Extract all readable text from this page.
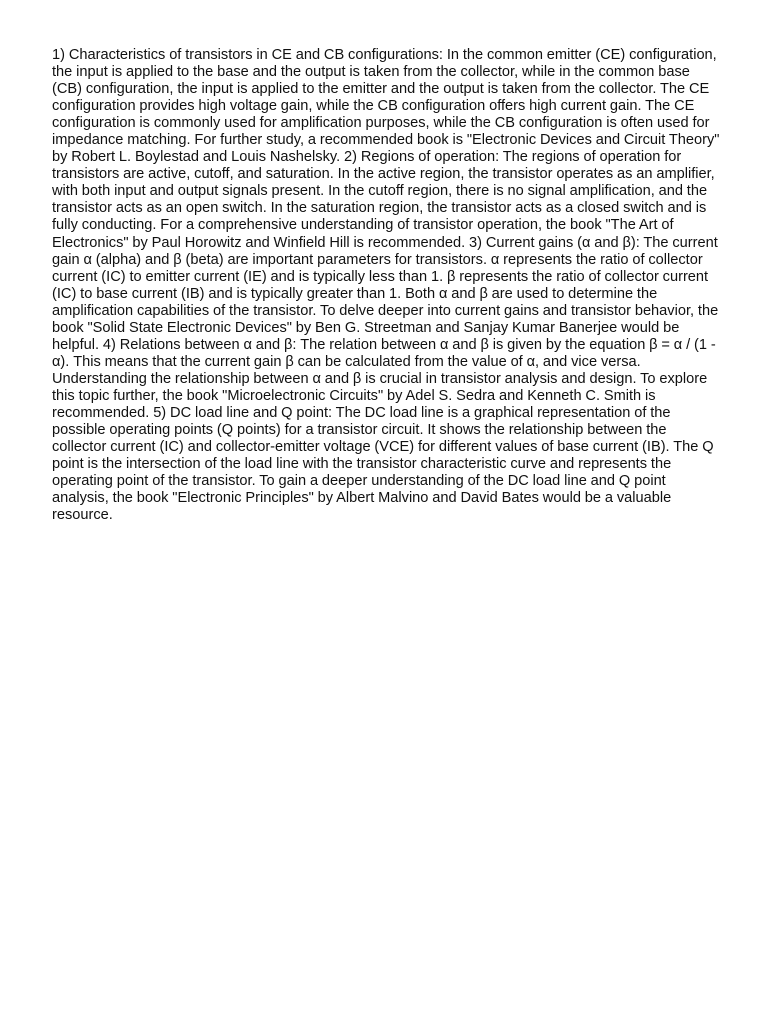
1) Characteristics of transistors in CE and CB configurations: In the common emitter (CE) configuration, the input is applied to the base and the output is taken from the collector, while in the common base (CB) configuration, the input is applied to the emitter and the output is taken from the collector. The CE configuration provides high voltage gain, while the CB configuration offers high current gain. The CE configuration is commonly used for amplification purposes, while the CB configuration is often used for impedance matching. For further study, a recommended book is "Electronic Devices and Circuit Theory" by Robert L. Boylestad and Louis Nashelsky. 2) Regions of operation: The regions of operation for transistors are active, cutoff, and saturation. In the active region, the transistor operates as an amplifier, with both input and output signals present. In the cutoff region, there is no signal amplification, and the transistor acts as an open switch. In the saturation region, the transistor acts as a closed switch and is fully conducting. For a comprehensive understanding of transistor operation, the book "The Art of Electronics" by Paul Horowitz and Winfield Hill is recommended. 3) Current gains (α and β): The current gain α (alpha) and β (beta) are important parameters for transistors. α represents the ratio of collector current (IC) to emitter current (IE) and is typically less than 1. β represents the ratio of collector current (IC) to base current (IB) and is typically greater than 1. Both α and β are used to determine the amplification capabilities of the transistor. To delve deeper into current gains and transistor behavior, the book "Solid State Electronic Devices" by Ben G. Streetman and Sanjay Kumar Banerjee would be helpful. 4) Relations between α and β: The relation between α and β is given by the equation β = α / (1 - α). This means that the current gain β can be calculated from the value of α, and vice versa. Understanding the relationship between α and β is crucial in transistor analysis and design. To explore this topic further, the book "Microelectronic Circuits" by Adel S. Sedra and Kenneth C. Smith is recommended. 5) DC load line and Q point: The DC load line is a graphical representation of the possible operating points (Q points) for a transistor circuit. It shows the relationship between the collector current (IC) and collector-emitter voltage (VCE) for different values of base current (IB). The Q point is the intersection of the load line with the transistor characteristic curve and represents the operating point of the transistor. To gain a deeper understanding of the DC load line and Q point analysis, the book "Electronic Principles" by Albert Malvino and David Bates would be a valuable resource.
